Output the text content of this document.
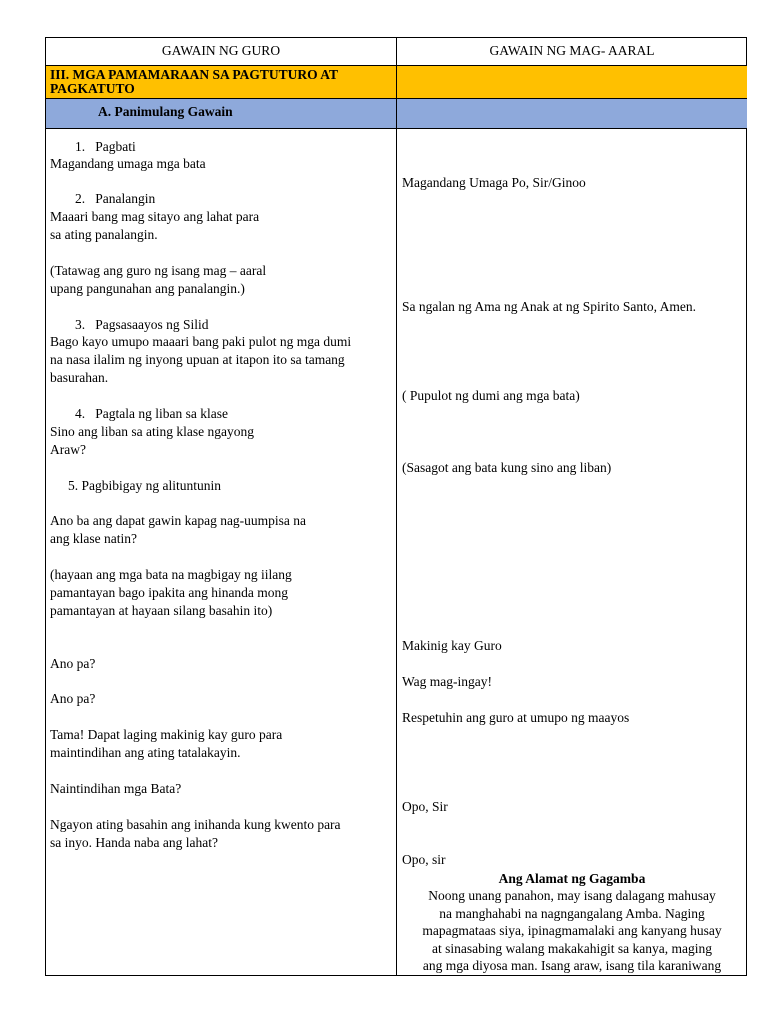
GAWAIN NG GURO	GAWAIN NG MAG- AARAL
III. MGA PAMAMARAAN SA PAGTUTURO AT
PAGKATUTO
A. Panimulang Gawain
1.   Pagbati
Magandang umaga mga bata
2.   Panalangin
Maaari bang mag sitayo ang lahat para
sa ating panalangin.
(Tatawag ang guro ng isang mag – aaral
upang pangunahan ang panalangin.)
3.   Pagsasaayos ng Silid
Bago kayo umupo maaari bang paki pulot ng mga dumi
na nasa ilalim ng inyong upuan at itapon ito sa tamang
basurahan.
4.   Pagtala ng liban sa klase
Sino ang liban sa ating klase ngayong
Araw?
5. Pagbibigay ng alituntunin
Ano ba ang dapat gawin kapag nag-uumpisa na
ang klase natin?
(hayaan ang mga bata na magbigay ng iilang
pamantayan bago ipakita ang hinanda mong
pamantayan at hayaan silang basahin ito)
Ano pa?
Ano pa?
Tama! Dapat laging makinig kay guro para
maintindihan ang ating tatalakayin.
Naintindihan mga Bata?
Ngayon ating basahin ang inihanda kung kwento para
sa inyo. Handa naba ang lahat?
Magandang Umaga Po, Sir/Ginoo
Sa ngalan ng Ama ng Anak at ng Spirito Santo, Amen.
( Pupulot ng dumi ang mga bata)
(Sasagot ang bata kung sino ang liban)
Makinig kay Guro
Wag mag-ingay!
Respetuhin ang guro at umupo ng maayos
Opo, Sir
Opo, sir
Ang Alamat ng Gagamba
Noong unang panahon, may isang dalagang mahusay
na manghahabi na nagngangalang Amba. Naging
mapagmataas siya, ipinagmamalaki ang kanyang husay
at sinasabing walang makakahigit sa kanya, maging
ang mga diyosa man. Isang araw, isang tila karaniwang
